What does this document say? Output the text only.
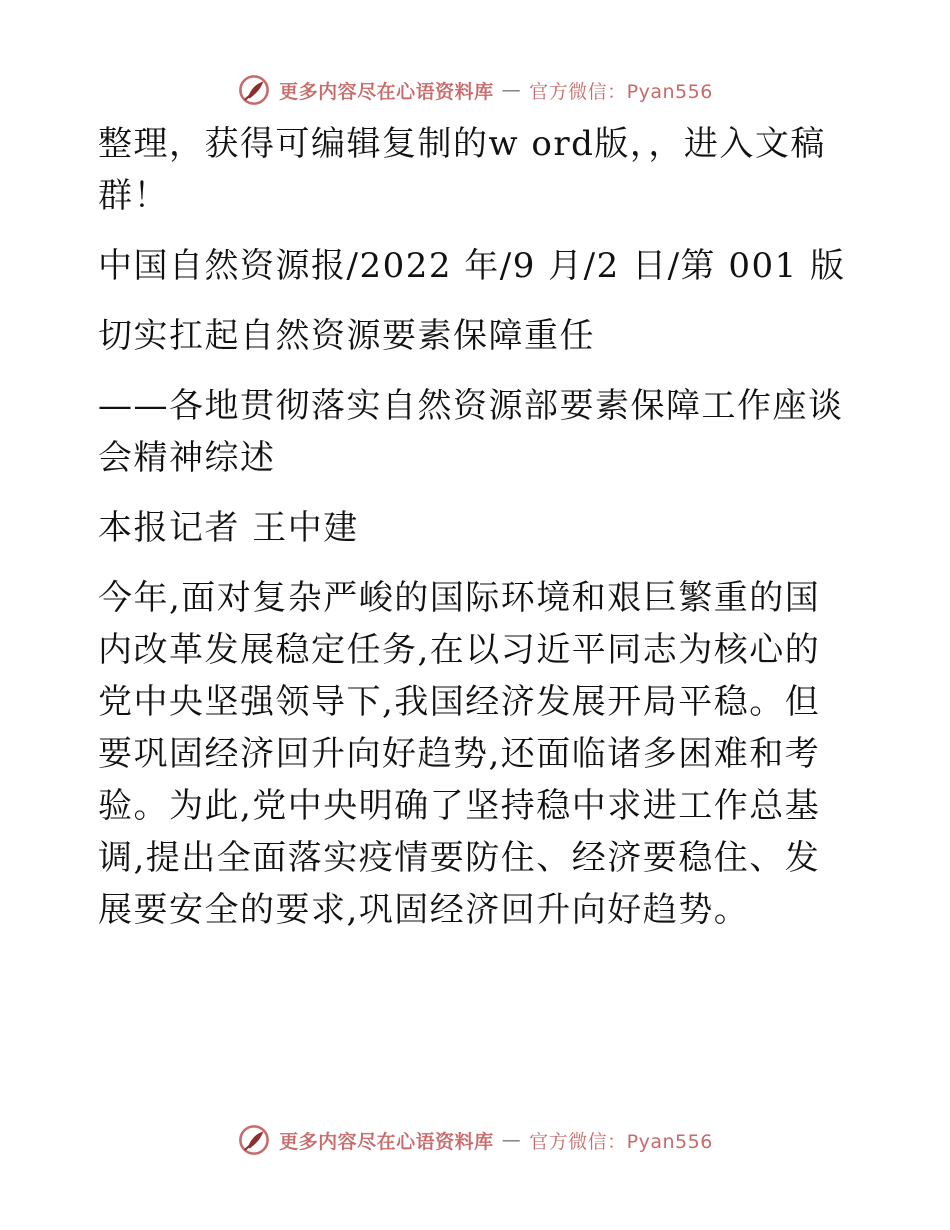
更多内容尽在心语资料库 — 官方微信：Pyan556

整理，获得可编辑复制的w ord版，，进入文稿群！

中国自然资源报/2022 年/9 月/2 日/第 001 版

切实扛起自然资源要素保障重任

——各地贯彻落实自然资源部要素保障工作座谈会精神综述

本报记者 王中建

今年,面对复杂严峻的国际环境和艰巨繁重的国内改革发展稳定任务,在以习近平同志为核心的党中央坚强领导下,我国经济发展开局平稳。但要巩固经济回升向好趋势,还面临诸多困难和考验。为此,党中央明确了坚持稳中求进工作总基调,提出全面落实疫情要防住、经济要稳住、发展要安全的要求,巩固经济回升向好趋势。

更多内容尽在心语资料库 — 官方微信：Pyan556
